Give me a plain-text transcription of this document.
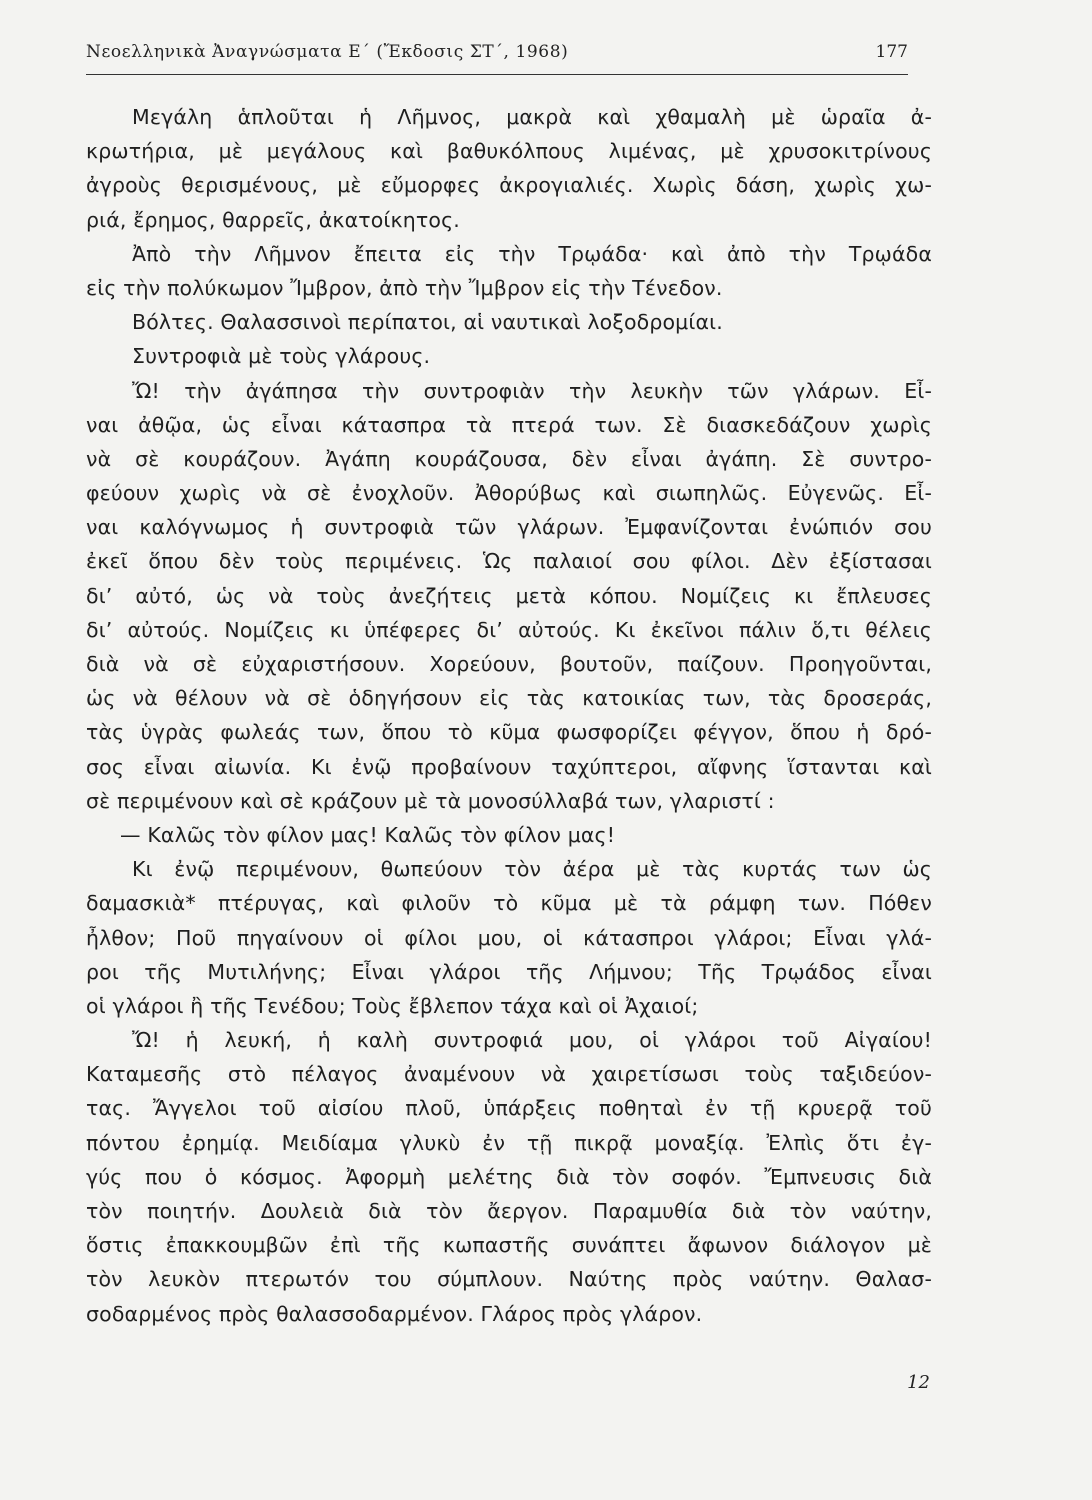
Νεοελληνικὰ Ἀναγνώσματα Ε΄ (Ἔκδοσις ΣΤ΄, 1968)	177
Μεγάλη ἁπλοῦται ἡ Λῆμνος, μακρὰ καὶ χθαμαλὴ μὲ ὡραῖα ἀ-
κρωτήρια, μὲ μεγάλους καὶ βαθυκόλπους λιμένας, μὲ χρυσοκιτρίνους
ἀγροὺς θερισμένους, μὲ εὔμορφες ἀκρογιαλιές. Χωρὶς δάση, χωρὶς χω-
ριά, ἔρημος, θαρρεῖς, ἀκατοίκητος.
Ἀπὸ τὴν Λῆμνον ἔπειτα εἰς τὴν Τρῳάδα· καὶ ἀπὸ τὴν Τρῳάδα
εἰς τὴν πολύκωμον Ἴμβρον, ἀπὸ τὴν Ἴμβρον εἰς τὴν Τένεδον.
Βόλτες. Θαλασσινοὶ περίπατοι, αἱ ναυτικαὶ λοξοδρομίαι.
Συντροφιὰ μὲ τοὺς γλάρους.
Ὤ! τὴν ἀγάπησα τὴν συντροφιὰν τὴν λευκὴν τῶν γλάρων. Εἶ-
ναι ἀθῷα, ὡς εἶναι κάτασπρα τὰ πτερά των. Σὲ διασκεδάζουν χωρὶς
νὰ σὲ κουράζουν. Ἀγάπη κουράζουσα, δὲν εἶναι ἀγάπη. Σὲ συντρο-
φεύουν χωρὶς νὰ σὲ ἐνοχλοῦν. Ἀθορύβως καὶ σιωπηλῶς. Εὐγενῶς. Εἶ-
ναι καλόγνωμος ἡ συντροφιὰ τῶν γλάρων. Ἐμφανίζονται ἐνώπιόν σου
ἐκεῖ ὅπου δὲν τοὺς περιμένεις. Ὡς παλαιοί σου φίλοι. Δὲν ἐξίστασαι
δι’ αὐτό, ὡς νὰ τοὺς ἀνεζήτεις μετὰ κόπου. Νομίζεις κι ἔπλευσες
δι’ αὐτούς. Νομίζεις κι ὑπέφερες δι’ αὐτούς. Κι ἐκεῖνοι πάλιν ὅ,τι θέλεις
διὰ νὰ σὲ εὐχαριστήσουν. Χορεύουν, βουτοῦν, παίζουν. Προηγοῦνται,
ὡς νὰ θέλουν νὰ σὲ ὁδηγήσουν εἰς τὰς κατοικίας των, τὰς δροσεράς,
τὰς ὑγρὰς φωλεάς των, ὅπου τὸ κῦμα φωσφορίζει φέγγον, ὅπου ἡ δρό-
σος εἶναι αἰωνία. Κι ἐνῷ προβαίνουν ταχύπτεροι, αἴφνης ἵστανται καὶ
σὲ περιμένουν καὶ σὲ κράζουν μὲ τὰ μονοσύλλαβά των, γλαριστί :
— Καλῶς τὸν φίλον μας! Καλῶς τὸν φίλον μας!
Κι ἐνῷ περιμένουν, θωπεύουν τὸν ἀέρα μὲ τὰς κυρτάς των ὡς
δαμασκιὰ* πτέρυγας, καὶ φιλοῦν τὸ κῦμα μὲ τὰ ράμφη των. Πόθεν
ἦλθον; Ποῦ πηγαίνουν οἱ φίλοι μου, οἱ κάτασπροι γλάροι; Εἶναι γλά-
ροι τῆς Μυτιλήνης; Εἶναι γλάροι τῆς Λήμνου; Τῆς Τρῳάδος εἶναι
οἱ γλάροι ἢ τῆς Τενέδου; Τοὺς ἔβλεπον τάχα καὶ οἱ Ἀχαιοί;
Ὤ! ἡ λευκή, ἡ καλὴ συντροφιά μου, οἱ γλάροι τοῦ Αἰγαίου!
Καταμεσῆς στὸ πέλαγος ἀναμένουν νὰ χαιρετίσωσι τοὺς ταξιδεύον-
τας. Ἄγγελοι τοῦ αἰσίου πλοῦ, ὑπάρξεις ποθηταὶ ἐν τῇ κρυερᾷ τοῦ
πόντου ἐρημίᾳ. Μειδίαμα γλυκὺ ἐν τῇ πικρᾷ μοναξίᾳ. Ἐλπὶς ὅτι ἐγ-
γύς που ὁ κόσμος. Ἀφορμὴ μελέτης διὰ τὸν σοφόν. Ἔμπνευσις διὰ
τὸν ποιητήν. Δουλειὰ διὰ τὸν ἄεργον. Παραμυθία διὰ τὸν ναύτην,
ὅστις ἐπακκουμβῶν ἐπὶ τῆς κωπαστῆς συνάπτει ἄφωνον διάλογον μὲ
τὸν λευκὸν πτερωτόν του σύμπλουν. Ναύτης πρὸς ναύτην. Θαλασ-
σοδαρμένος πρὸς θαλασσοδαρμένον. Γλάρος πρὸς γλάρον.
12
